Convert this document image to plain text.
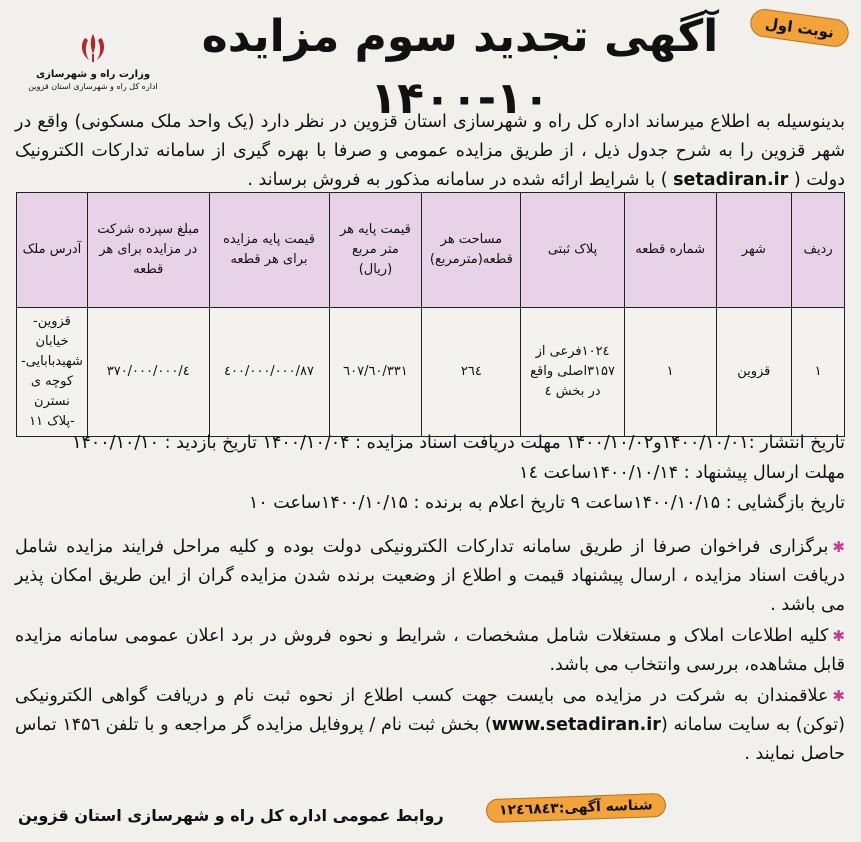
نوبت اول
آگهی تجدید سوم مزایده ۱۰-۱۴۰۰
وزارت راه و شهرسازی
اداره کل راه و شهرسازی استان قزوین
بدینوسیله به اطلاع میرساند اداره کل راه و شهرسازی استان قزوین در نظر دارد (یک واحد ملک مسکونی) واقع در شهر قزوین را به شرح جدول ذیل ، از طریق مزایده عمومی و صرفا با بهره گیری از سامانه تدارکات الکترونیک دولت ( setadiran.ir ) با شرایط ارائه شده در سامانه مذکور به فروش برساند .
ردیف	شهر	شماره قطعه	پلاک ثبتی	مساحت هر قطعه(مترمربع)	قیمت پایه هر متر مربع (ریال)	قیمت پایه مزایده برای هر قطعه	مبلغ سپرده شرکت در مزایده برای هر قطعه	آدرس ملک
۱	قزوین	۱	۱۰۲٤فرعی از ۳۱۵۷اصلی واقع در بخش ٤	۲٦٤	۳۳۱/٦۰/٦۰۷	۸۷/٤۰۰/۰۰۰/۰۰۰	٤/۳۷۰/۰۰۰/۰۰۰	قزوین- خیابان شهیدبابایی- کوچه ی نسترن -پلاک ۱۱
تاریخ انتشار :۱۴۰۰/۱۰/۰۱و۱۴۰۰/۱۰/۰۲ مهلت دریافت اسناد مزایده : ۱۴۰۰/۱۰/۰۴ تاریخ بازدید : ۱۴۰۰/۱۰/۱۰
مهلت ارسال پیشنهاد : ۱۴۰۰/۱۰/۱۴ساعت ۱٤
تاریخ بازگشایی : ۱۴۰۰/۱۰/۱۵ساعت ۹ تاریخ اعلام به برنده : ۱۴۰۰/۱۰/۱۵ساعت ۱۰
✱برگزاری فراخوان صرفا از طریق سامانه تدارکات الکترونیکی دولت بوده و کلیه مراحل فرایند مزایده شامل دریافت اسناد مزایده ، ارسال پیشنهاد قیمت و اطلاع از وضعیت برنده شدن مزایده گران از این طریق امکان پذیر می باشد .
✱کلیه اطلاعات املاک و مستغلات شامل مشخصات ، شرایط و نحوه فروش در برد اعلان عمومی سامانه مزایده قابل مشاهده، بررسی وانتخاب می باشد.
✱علاقمندان به شرکت در مزایده می بایست جهت کسب اطلاع از نحوه ثبت نام و دریافت گواهی الکترونیکی (توکن) به سایت سامانه (www.setadiran.ir) بخش ثبت نام / پروفایل مزایده گر مراجعه و با تلفن ۱۴۵٦ تماس حاصل نمایند .
شناسه آگهی:۱۲٤٦۸٤۳
روابط عمومی اداره کل راه و شهرسازی استان قزوین
